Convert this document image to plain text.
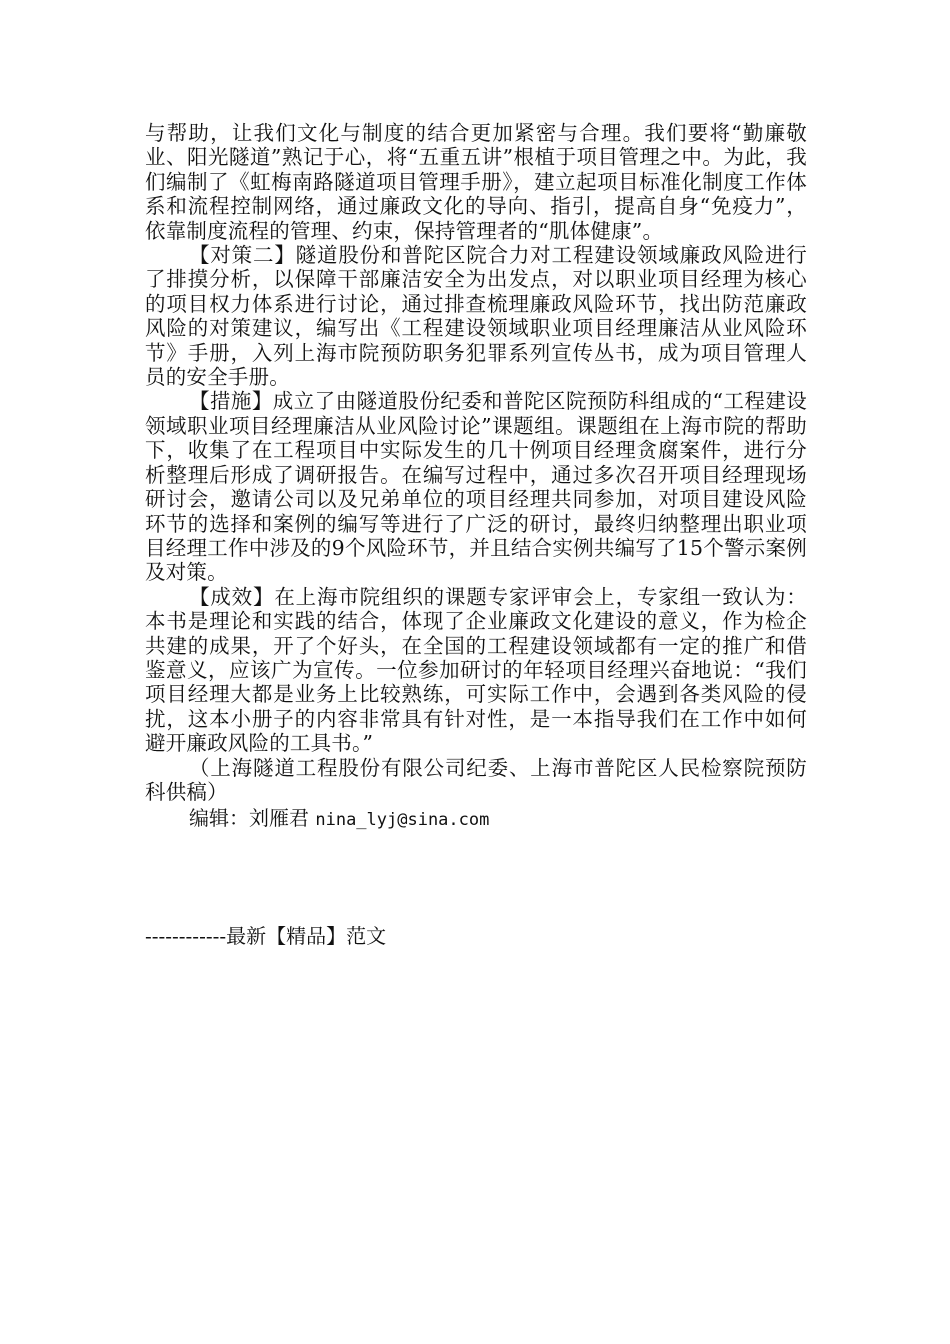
与帮助，让我们文化与制度的结合更加紧密与合理。我们要将“勤廉敬业、阳光隧道”熟记于心，将“五重五讲”根植于项目管理之中。为此，我们编制了《虹梅南路隧道项目管理手册》，建立起项目标准化制度工作体系和流程控制网络，通过廉政文化的导向、指引，提高自身“免疫力”，依靠制度流程的管理、约束，保持管理者的“肌体健康”。

【对策二】隧道股份和普陀区院合力对工程建设领域廉政风险进行了排摸分析，以保障干部廉洁安全为出发点，对以职业项目经理为核心的项目权力体系进行讨论，通过排查梳理廉政风险环节，找出防范廉政风险的对策建议，编写出《工程建设领域职业项目经理廉洁从业风险环节》手册，入列上海市院预防职务犯罪系列宣传丛书，成为项目管理人员的安全手册。

【措施】成立了由隧道股份纪委和普陀区院预防科组成的“工程建设领域职业项目经理廉洁从业风险讨论”课题组。课题组在上海市院的帮助下，收集了在工程项目中实际发生的几十例项目经理贪腐案件，进行分析整理后形成了调研报告。在编写过程中，通过多次召开项目经理现场研讨会，邀请公司以及兄弟单位的项目经理共同参加，对项目建设风险环节的选择和案例的编写等进行了广泛的研讨，最终归纳整理出职业项目经理工作中涉及的9个风险环节，并且结合实例共编写了15个警示案例及对策。

【成效】在上海市院组织的课题专家评审会上，专家组一致认为：本书是理论和实践的结合，体现了企业廉政文化建设的意义，作为检企共建的成果，开了个好头，在全国的工程建设领域都有一定的推广和借鉴意义，应该广为宣传。一位参加研讨的年轻项目经理兴奋地说：“我们项目经理大都是业务上比较熟练，可实际工作中，会遇到各类风险的侵扰，这本小册子的内容非常具有针对性，是一本指导我们在工作中如何避开廉政风险的工具书。”

（上海隧道工程股份有限公司纪委、上海市普陀区人民检察院预防科供稿）

编辑：刘雁君 nina_lyj@sina.com

------------最新【精品】范文
